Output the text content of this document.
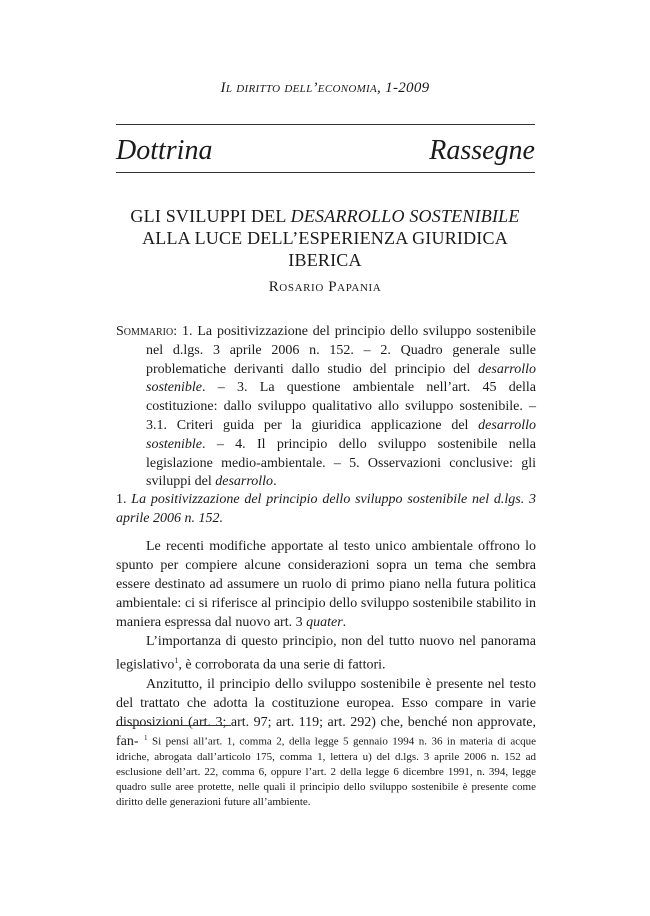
Il diritto dell’economia, 1-2009
Dottrina	Rassegne
GLI SVILUPPI DEL DESARROLLO SOSTENIBILE
ALLA LUCE DELL’ESPERIENZA GIURIDICA IBERICA
Rosario Papania
Sommario: 1. La positivizzazione del principio dello sviluppo sostenibile nel d.lgs. 3 aprile 2006 n. 152. – 2. Quadro generale sulle problematiche derivanti dallo studio del principio del desarrollo sostenible. – 3. La questione ambientale nell’art. 45 della costituzione: dallo sviluppo qualitativo allo sviluppo sostenibile. – 3.1. Criteri guida per la giuridica applicazione del desarrollo sostenible. – 4. Il principio dello sviluppo sostenibile nella legislazione medio-ambientale. – 5. Osservazioni conclusive: gli sviluppi del desarrollo.
1. La positivizzazione del principio dello sviluppo sostenibile nel d.lgs. 3 aprile 2006 n. 152.

Le recenti modifiche apportate al testo unico ambientale offrono lo spunto per compiere alcune considerazioni sopra un tema che sembra essere destinato ad assumere un ruolo di primo piano nella futura politica ambientale: ci si riferisce al principio dello sviluppo sostenibile stabilito in maniera espressa dal nuovo art. 3 quater.

L’importanza di questo principio, non del tutto nuovo nel panorama legislativo$^1$, è corroborata da una serie di fattori.

Anzitutto, il principio dello sviluppo sostenibile è presente nel testo del trattato che adotta la costituzione europea. Esso compare in varie disposizioni (art. 3; art. 97; art. 119; art. 292) che, benché non approvate, fan- $^1$ Si pensi all’art. 1, comma 2, della legge 5 gennaio 1994 n. 36 in materia di acque idriche, abrogata dall’articolo 175, comma 1, lettera u) del d.lgs. 3 aprile 2006 n. 152 ad esclusione dell’art. 22, comma 6, oppure l’art. 2 della legge 6 dicembre 1991, n. 394, legge quadro sulle aree protette, nelle quali il principio dello sviluppo sostenibile è presente come diritto delle generazioni future all’ambiente.
